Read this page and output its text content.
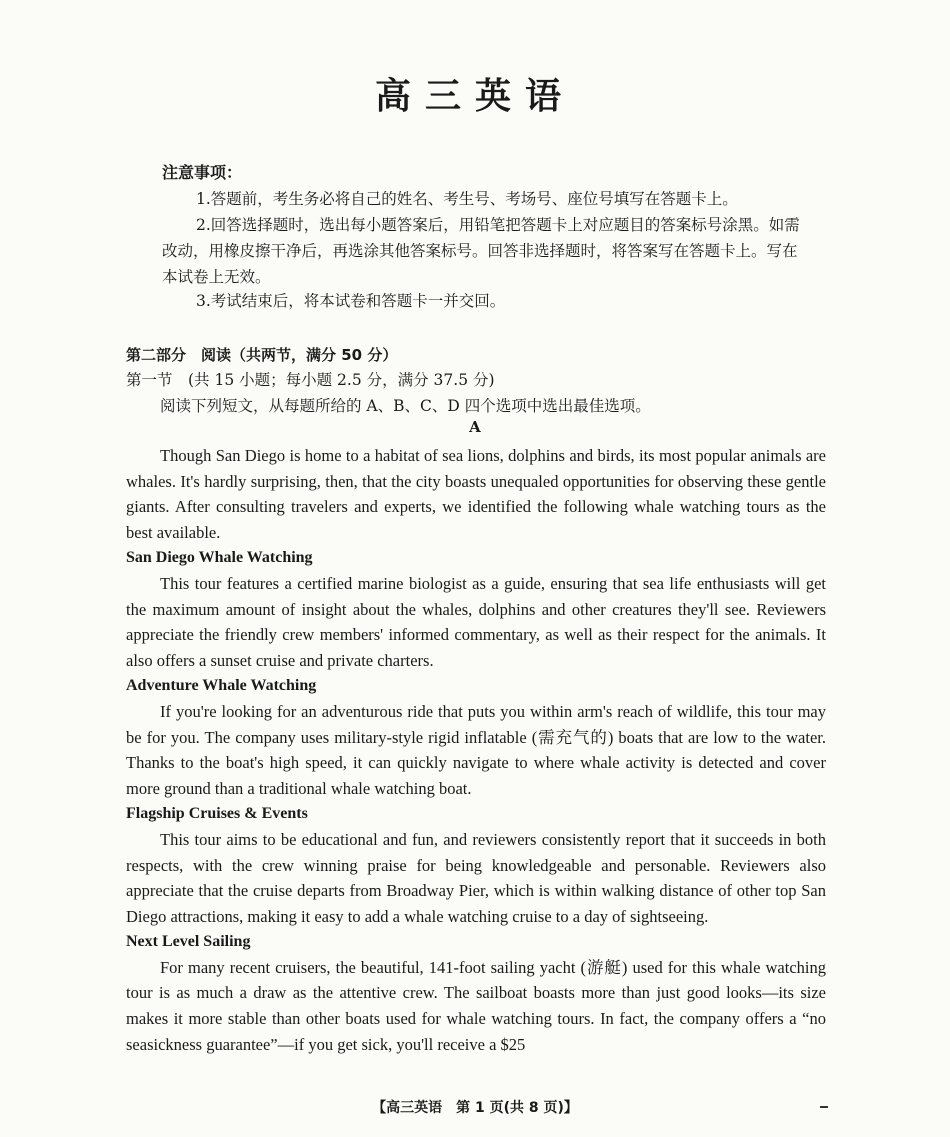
高三英语
注意事项：
1.答题前，考生务必将自己的姓名、考生号、考场号、座位号填写在答题卡上。
2.回答选择题时，选出每小题答案后，用铅笔把答题卡上对应题目的答案标号涂黑。如需改动，用橡皮擦干净后，再选涂其他答案标号。回答非选择题时，将答案写在答题卡上。写在本试卷上无效。
3.考试结束后，将本试卷和答题卡一并交回。
第二部分　阅读（共两节，满分 50 分）
第一节　(共 15 小题；每小题 2.5 分，满分 37.5 分)
阅读下列短文，从每题所给的 A、B、C、D 四个选项中选出最佳选项。
A

Though San Diego is home to a habitat of sea lions, dolphins and birds, its most popular animals are whales. It's hardly surprising, then, that the city boasts unequaled opportunities for observing these gentle giants. After consulting travelers and experts, we identified the following whale watching tours as the best available.

San Diego Whale Watching

This tour features a certified marine biologist as a guide, ensuring that sea life enthusiasts will get the maximum amount of insight about the whales, dolphins and other creatures they'll see. Reviewers appreciate the friendly crew members' informed commentary, as well as their respect for the animals. It also offers a sunset cruise and private charters.

Adventure Whale Watching

If you're looking for an adventurous ride that puts you within arm's reach of wildlife, this tour may be for you. The company uses military-style rigid inflatable (需充气的) boats that are low to the water. Thanks to the boat's high speed, it can quickly navigate to where whale activity is detected and cover more ground than a traditional whale watching boat.

Flagship Cruises & Events

This tour aims to be educational and fun, and reviewers consistently report that it succeeds in both respects, with the crew winning praise for being knowledgeable and personable. Reviewers also appreciate that the cruise departs from Broadway Pier, which is within walking distance of other top San Diego attractions, making it easy to add a whale watching cruise to a day of sightseeing.

Next Level Sailing

For many recent cruisers, the beautiful, 141-foot sailing yacht (游艇) used for this whale watching tour is as much a draw as the attentive crew. The sailboat boasts more than just good looks—its size makes it more stable than other boats used for whale watching tours. In fact, the company offers a “no seasickness guarantee”—if you get sick, you'll receive a $25

【高三英语　第 1 页(共 8 页)】
